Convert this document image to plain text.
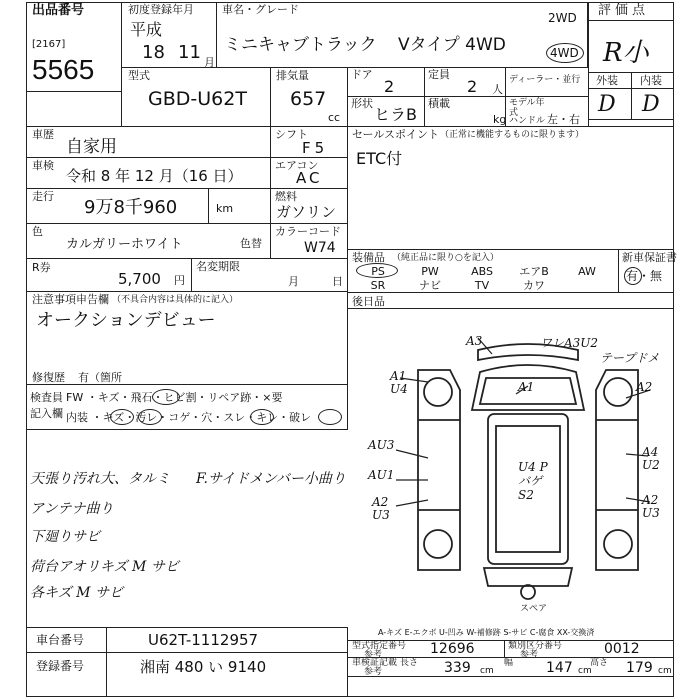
出品番号
[2167]
5565
初度登録年月
平成
18 11 月
車名・グレード
ミニキャブトラック Vタイプ 4WD
2WD
4WD
評価点
R小
外装 内装
D D
型式
GBD-U62T
排気量
657
cc
ドア
2
定員
2 人
ディーラー・並行
形状
ヒラB
積載
kg
モデル年式
ハンドル 左・右
車歴
自家用
車検
令和 8 年 12 月（16 日）
走行
9万8千960	km
色
カルガリーホワイト	色替
R券
5,700 円
名変期限
月	日
シフト
F5
エアコン
AC
燃料
ガソリン
カラーコード
W74
セールスポイント （正常に機能するものに限ります）
ETC付
注意事項申告欄 （不具合内容は具体的に記入）
オークションデビュー
修復歴 有（箇所
装備品 （純正品に限り○を記入）	新車保証書
PS	PW	ABS	エアB	AW
SR	ナビ	TV	カワ
有・無
後日品
検査員
記入欄
FW ・キズ・飛石・ヒビ割・リペア跡・×要
内装 ・キズ・汚レ・コゲ・穴・スレ・キレ・破レ
天張り汚れ大、タルミ
アンテナ曲り
下廻りサビ
荷台アオリキズ M サビ
各キズ M サビ
F.サイドメンバー小曲り
A3	ワレA3U2
テープドメ
A1 U4
AU3
AU1
A2 U3
A1
U4 Pバゲ S2
A2
A4 U2
A2 U3
スペア
A-キズ E-エクボ U-凹み W-補修跡 S-サビ C-腐食 XX-交換済
車台番号	U62T-1112957
登録番号	湘南 480 い 9140
型式指定番号
参考	12696	類別区分番号
参考	0012
車検証記載
参考
長さ 339 cm
幅 147 cm
高さ 179 cm
